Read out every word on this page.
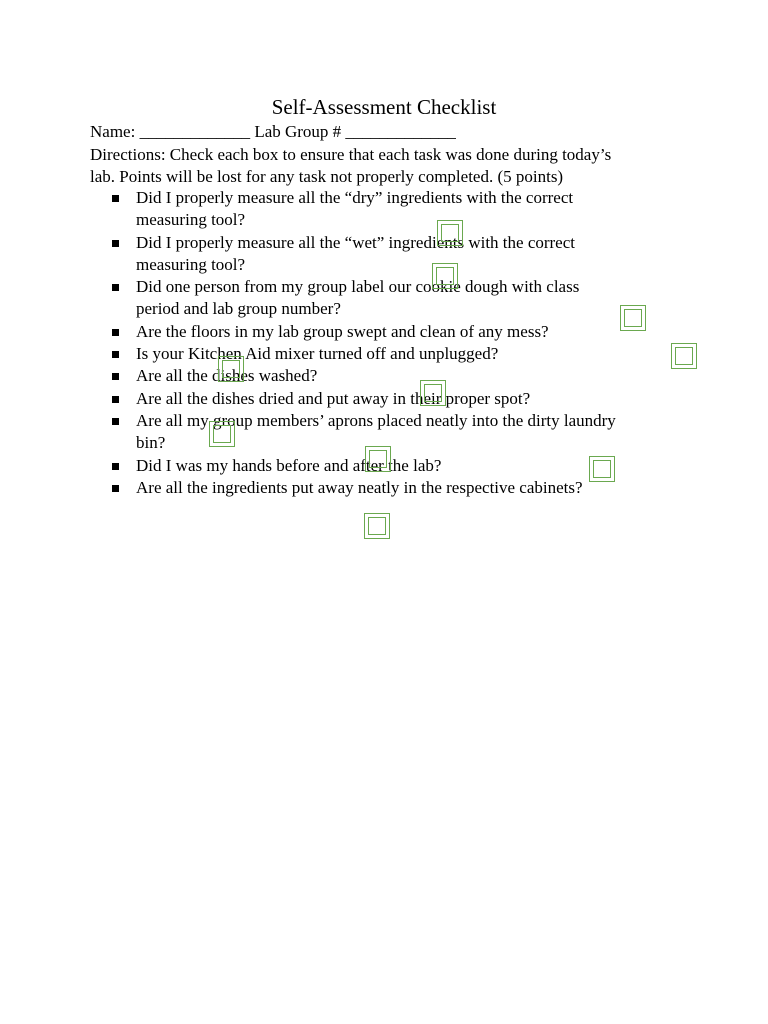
Self-Assessment Checklist
Name: _____________ Lab Group # _____________
Directions: Check each box to ensure that each task was done during today’s
lab. Points will be lost for any task not properly completed. (5 points)
Did I properly measure all the “dry” ingredients with the correct
measuring tool?
Did I properly measure all the “wet” ingredients with the correct
measuring tool?
Did one person from my group label our cookie dough with class
period and lab group number?
Are the floors in my lab group swept and clean of any mess?
Is your Kitchen Aid mixer turned off and unplugged?
Are all the dishes washed?
Are all the dishes dried and put away in their proper spot?
Are all my group members’ aprons placed neatly into the dirty laundry
bin?
Did I was my hands before and after the lab?
Are all the ingredients put away neatly in the respective cabinets?
